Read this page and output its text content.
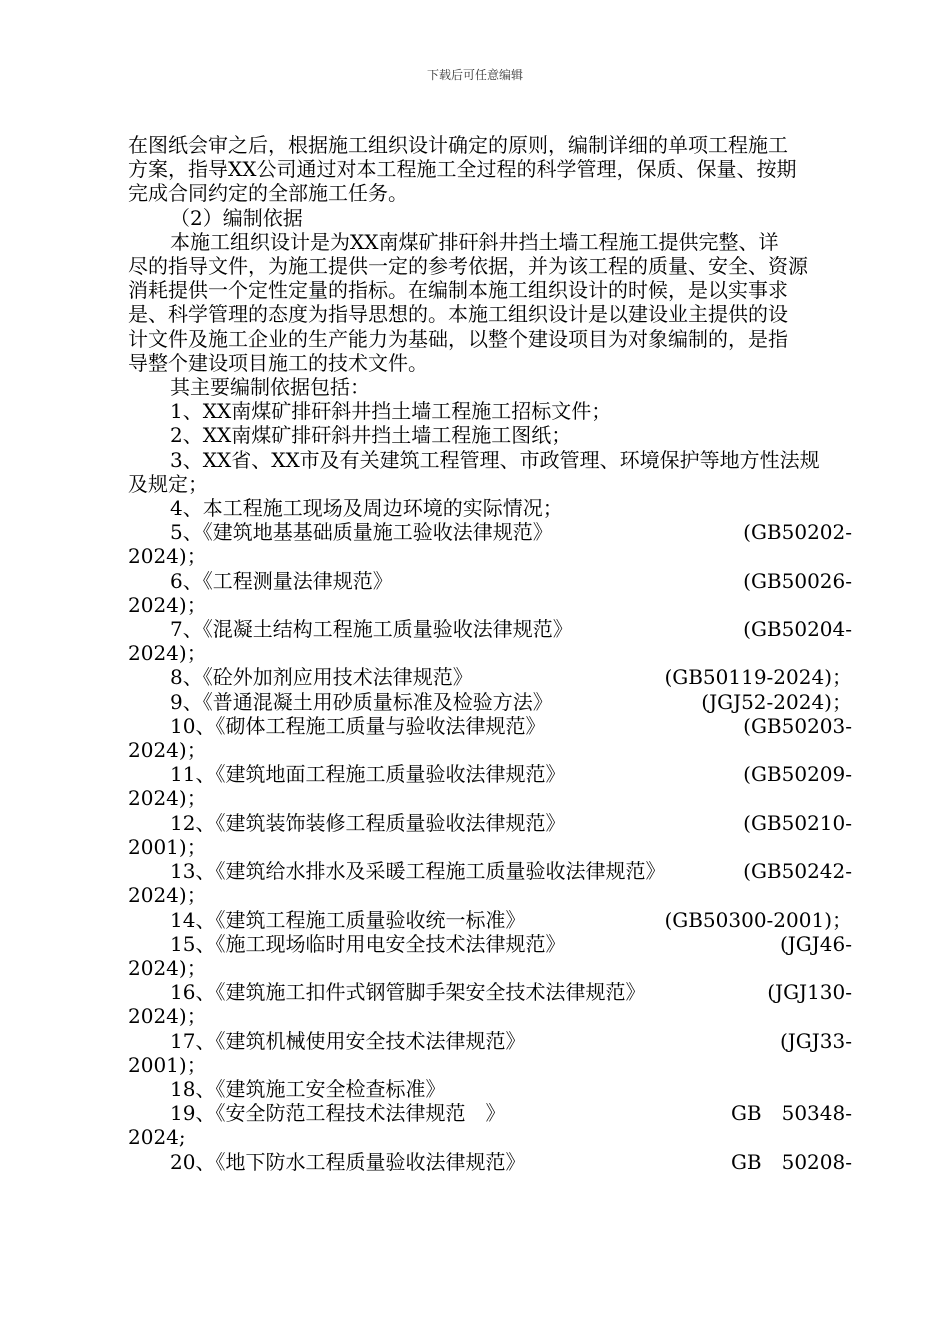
下载后可任意编辑

在图纸会审之后，根据施工组织设计确定的原则，编制详细的单项工程施工

方案，指导XX公司通过对本工程施工全过程的科学管理，保质、保量、按期

完成合同约定的全部施工任务。

（2）编制依据

本施工组织设计是为XX南煤矿排矸斜井挡土墙工程施工提供完整、详

尽的指导文件，为施工提供一定的参考依据，并为该工程的质量、安全、资源

消耗提供一个定性定量的指标。在编制本施工组织设计的时候，是以实事求

是、科学管理的态度为指导思想的。本施工组织设计是以建设业主提供的设

计文件及施工企业的生产能力为基础，以整个建设项目为对象编制的，是指

导整个建设项目施工的技术文件。

其主要编制依据包括：

1、XX南煤矿排矸斜井挡土墙工程施工招标文件；

2、XX南煤矿排矸斜井挡土墙工程施工图纸；

3、XX省、XX市及有关建筑工程管理、市政管理、环境保护等地方性法规

及规定；

4、本工程施工现场及周边环境的实际情况；

5、《建筑地基基础质量施工验收法律规范》	(GB50202-
2024)；
6、《工程测量法律规范》	(GB50026-
2024)；
7、《混凝土结构工程施工质量验收法律规范》	(GB50204-
2024)；
8、《砼外加剂应用技术法律规范》	(GB50119-2024)；
9、《普通混凝土用砂质量标准及检验方法》	(JGJ52-2024)；
10、《砌体工程施工质量与验收法律规范》	(GB50203-
2024)；
11、《建筑地面工程施工质量验收法律规范》	(GB50209-
2024)；
12、《建筑装饰装修工程质量验收法律规范》	(GB50210-
2001)；
13、《建筑给水排水及采暖工程施工质量验收法律规范》	(GB50242-
2024)；
14、《建筑工程施工质量验收统一标准》	(GB50300-2001)；
15、《施工现场临时用电安全技术法律规范》	(JGJ46-
2024)；
16、《建筑施工扣件式钢管脚手架安全技术法律规范》	(JGJ130-
2024)；
17、《建筑机械使用安全技术法律规范》	(JGJ33-
2001)；
18、《建筑施工安全检查标准》
19、《安全防范工程技术法律规范　》	GB　50348-
2024;
20、《地下防水工程质量验收法律规范》	GB　50208-
